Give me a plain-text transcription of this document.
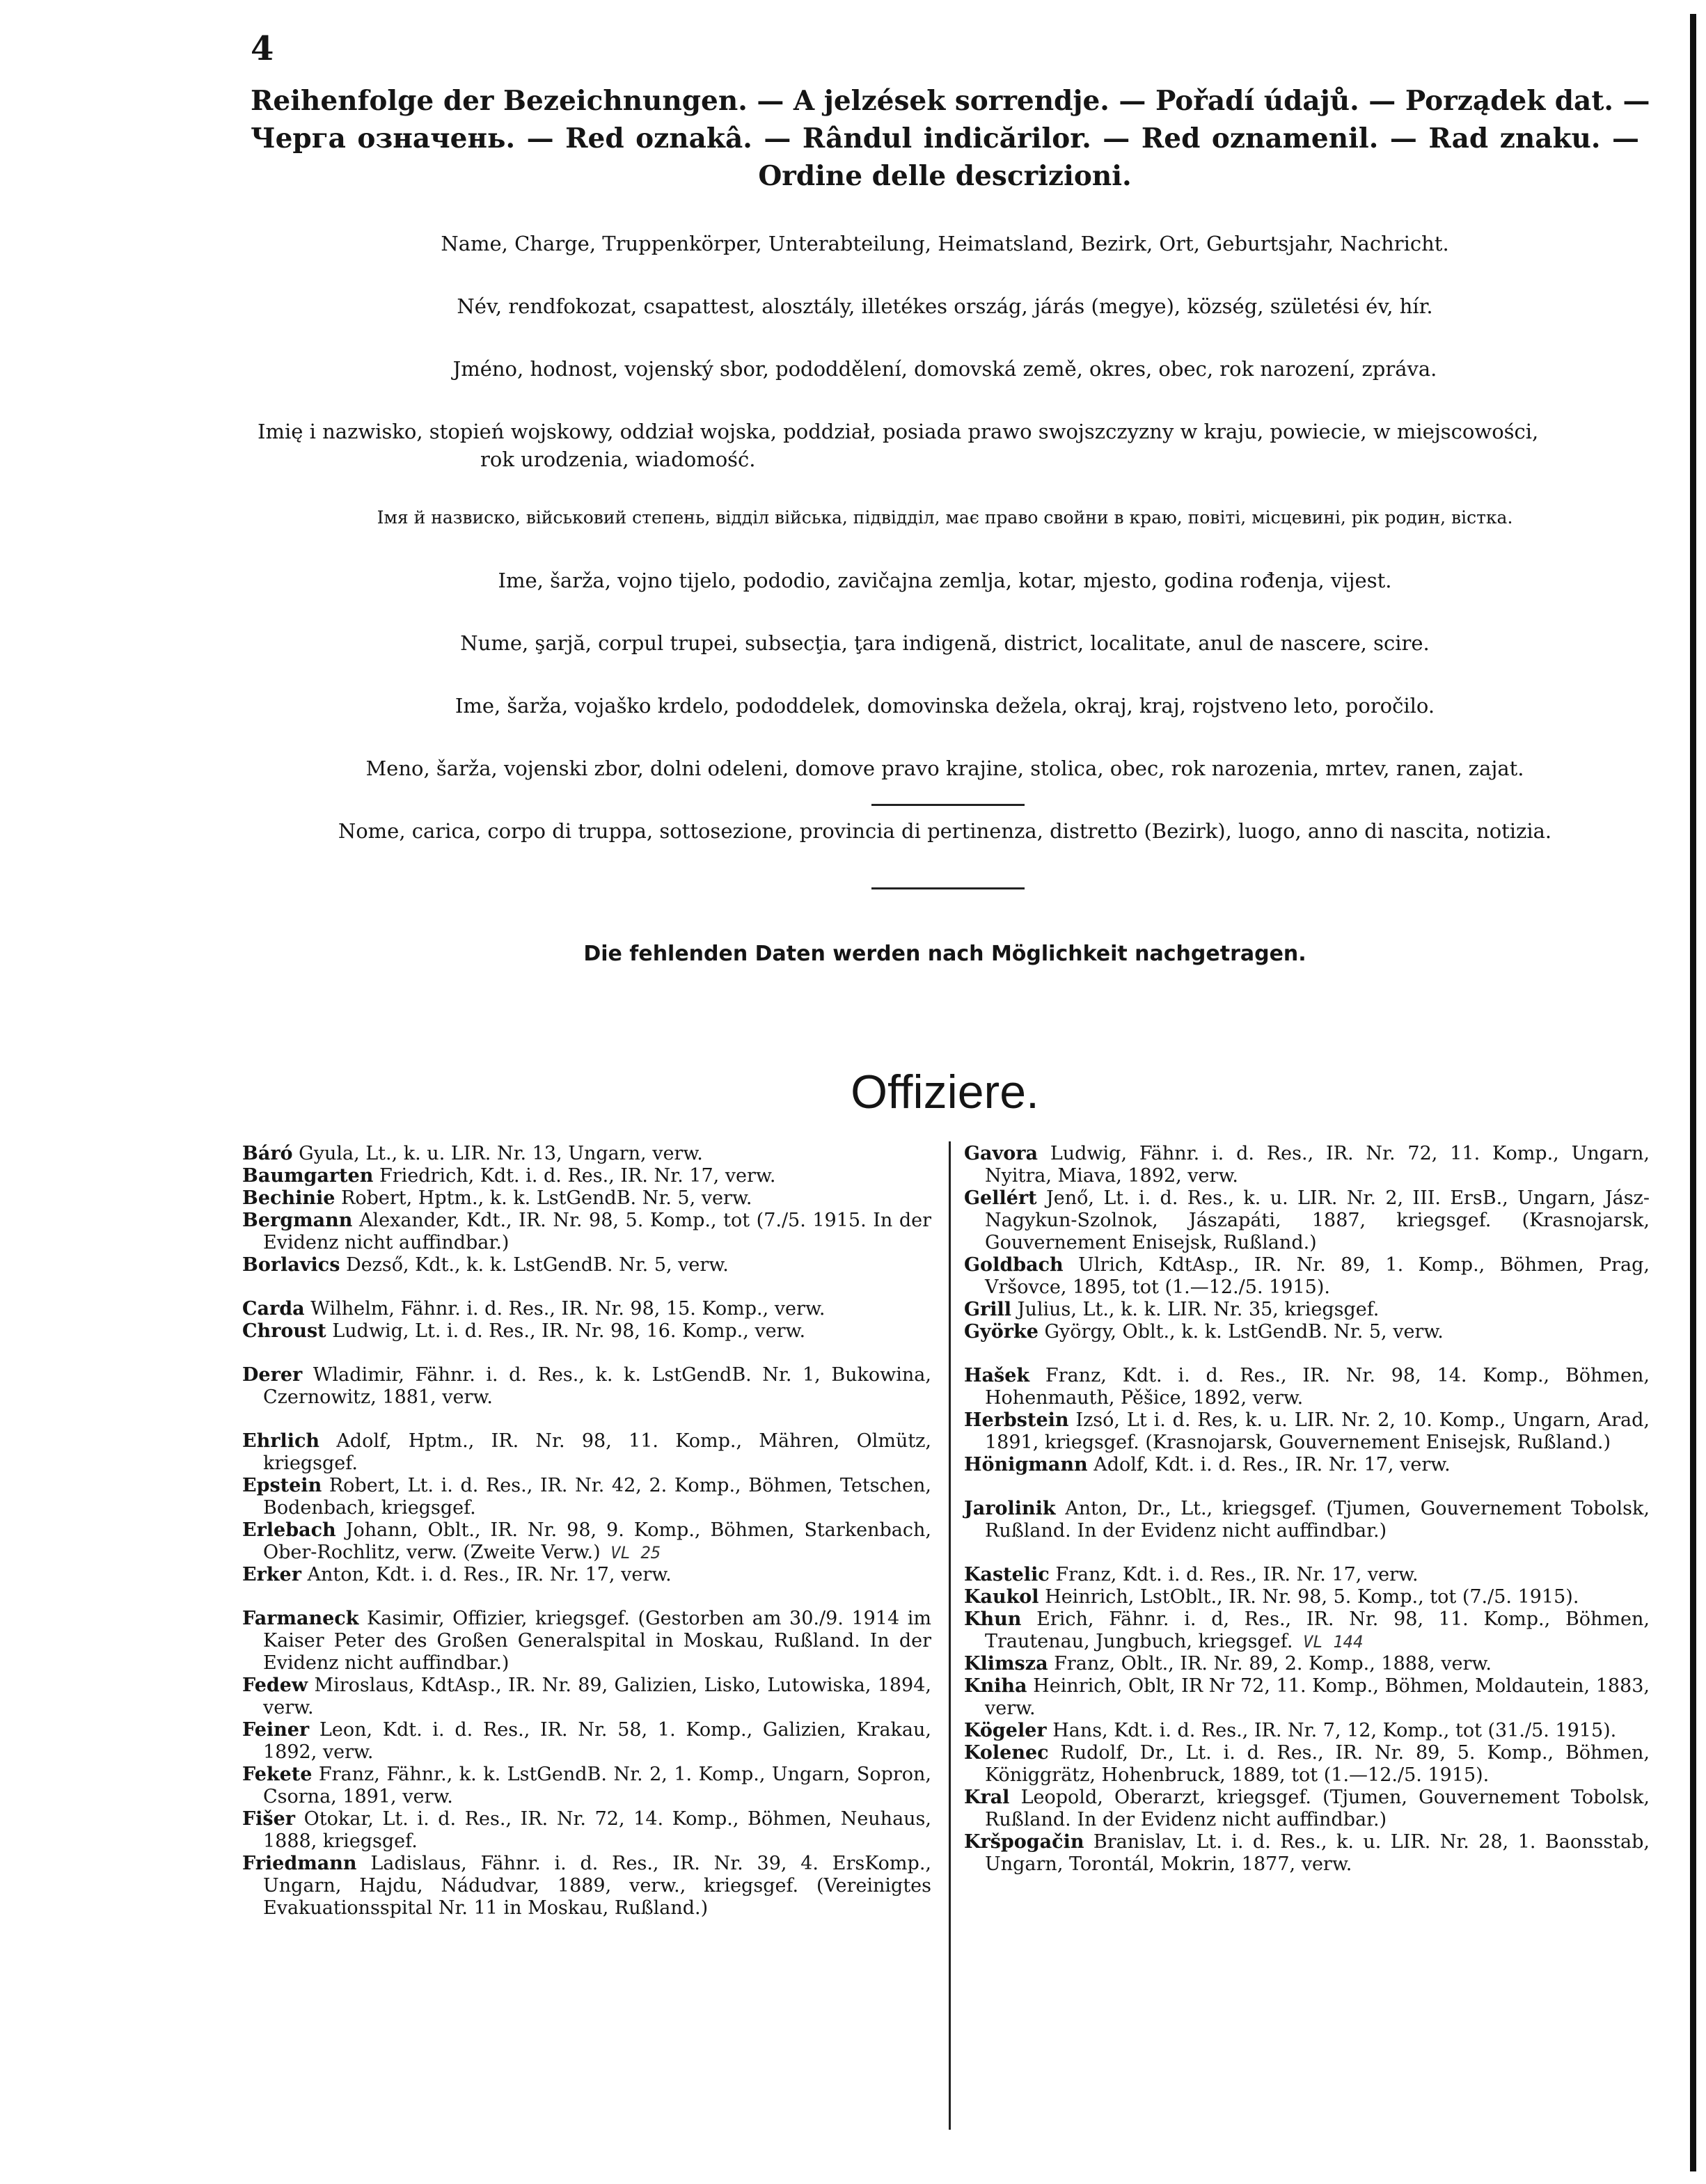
4
Reihenfolge der Bezeichnungen. — A jelzések sorrendje. — Pořadí údajů. — Porządek dat. —
Черга означень. — Red oznakâ. — Rândul indicărilor. — Red oznamenil. — Rad znaku. —
Ordine delle descrizioni.

Name, Charge, Truppenkörper, Unterabteilung, Heimatsland, Bezirk, Ort, Geburtsjahr, Nachricht.

Név, rendfokozat, csapattest, alosztály, illetékes ország, járás (megye), község, születési év, hír.

Jméno, hodnost, vojenský sbor, pododdělení, domovská země, okres, obec, rok narození, zpráva.

Imię i nazwisko, stopień wojskowy, oddział wojska, poddział, posiada prawo swojszczyzny w kraju, powiecie, w miejscowości,
rok urodzenia, wiadomość.

Імя й назвиско, військовий степень, відділ війська, підвідділ, має право свойни в краю, повіті, місцевині, рік родин, вістка.

Ime, šarža, vojno tijelo, pododio, zavičajna zemlja, kotar, mjesto, godina rođenja, vijest.

Nume, şarjă, corpul trupei, subsecţia, ţara indigenă, district, localitate, anul de nascere, scire.

Ime, šarža, vojaško krdelo, pododdelek, domovinska dežela, okraj, kraj, rojstveno leto, poročilo.

Meno, šarža, vojenski zbor, dolni odeleni, domove pravo krajine, stolica, obec, rok narozenia, mrtev, ranen, zajat.

Nome, carica, corpo di truppa, sottosezione, provincia di pertinenza, distretto (Bezirk), luogo, anno di nascita, notizia.

Die fehlenden Daten werden nach Möglichkeit nachgetragen.
Offiziere.

Báró Gyula, Lt., k. u. LIR. Nr. 13, Ungarn, verw.

Baumgarten Friedrich, Kdt. i. d. Res., IR. Nr. 17, verw.

Bechinie Robert, Hptm., k. k. LstGendB. Nr. 5, verw.

Bergmann Alexander, Kdt., IR. Nr. 98, 5. Komp., tot (7./5. 1915. In der Evidenz nicht auffindbar.)

Borlavics Dezső, Kdt., k. k. LstGendB. Nr. 5, verw.

Carda Wilhelm, Fähnr. i. d. Res., IR. Nr. 98, 15. Komp., verw.

Chroust Ludwig, Lt. i. d. Res., IR. Nr. 98, 16. Komp., verw.

Derer Wladimir, Fähnr. i. d. Res., k. k. LstGendB. Nr. 1, Bukowina, Czernowitz, 1881, verw.

Ehrlich Adolf, Hptm., IR. Nr. 98, 11. Komp., Mähren, Olmütz, kriegsgef.

Epstein Robert, Lt. i. d. Res., IR. Nr. 42, 2. Komp., Böhmen, Tetschen, Bodenbach, kriegsgef.

Erlebach Johann, Oblt., IR. Nr. 98, 9. Komp., Böhmen, Starkenbach, Ober-Rochlitz, verw. (Zweite Verw.) VL 25

Erker Anton, Kdt. i. d. Res., IR. Nr. 17, verw.

Farmaneck Kasimir, Offizier, kriegsgef. (Gestorben am 30./9. 1914 im Kaiser Peter des Großen Generalspital in Moskau, Rußland. In der Evidenz nicht auffindbar.)

Fedew Miroslaus, KdtAsp., IR. Nr. 89, Galizien, Lisko, Lutowiska, 1894, verw.

Feiner Leon, Kdt. i. d. Res., IR. Nr. 58, 1. Komp., Galizien, Krakau, 1892, verw.

Fekete Franz, Fähnr., k. k. LstGendB. Nr. 2, 1. Komp., Ungarn, Sopron, Csorna, 1891, verw.

Fišer Otokar, Lt. i. d. Res., IR. Nr. 72, 14. Komp., Böhmen, Neuhaus, 1888, kriegsgef.

Friedmann Ladislaus, Fähnr. i. d. Res., IR. Nr. 39, 4. ErsKomp., Ungarn, Hajdu, Nádudvar, 1889, verw., kriegsgef. (Vereinigtes Evakuationsspital Nr. 11 in Moskau, Rußland.)

Gavora Ludwig, Fähnr. i. d. Res., IR. Nr. 72, 11. Komp., Ungarn, Nyitra, Miava, 1892, verw.

Gellért Jenő, Lt. i. d. Res., k. u. LIR. Nr. 2, III. ErsB., Ungarn, Jász-Nagykun-Szolnok, Jászapáti, 1887, kriegsgef. (Krasnojarsk, Gouvernement Enisejsk, Rußland.)

Goldbach Ulrich, KdtAsp., IR. Nr. 89, 1. Komp., Böhmen, Prag, Vršovce, 1895, tot (1.—12./5. 1915).

Grill Julius, Lt., k. k. LIR. Nr. 35, kriegsgef.

Györke György, Oblt., k. k. LstGendB. Nr. 5, verw.

Hašek Franz, Kdt. i. d. Res., IR. Nr. 98, 14. Komp., Böhmen, Hohenmauth, Pěšice, 1892, verw.

Herbstein Izsó, Lt i. d. Res, k. u. LIR. Nr. 2, 10. Komp., Ungarn, Arad, 1891, kriegsgef. (Krasnojarsk, Gouvernement Enisejsk, Rußland.)

Hönigmann Adolf, Kdt. i. d. Res., IR. Nr. 17, verw.

Jarolinik Anton, Dr., Lt., kriegsgef. (Tjumen, Gouvernement Tobolsk, Rußland. In der Evidenz nicht auffindbar.)

Kastelic Franz, Kdt. i. d. Res., IR. Nr. 17, verw.

Kaukol Heinrich, LstOblt., IR. Nr. 98, 5. Komp., tot (7./5. 1915).

Khun Erich, Fähnr. i. d, Res., IR. Nr. 98, 11. Komp., Böhmen, Trautenau, Jungbuch, kriegsgef. VL 144

Klimsza Franz, Oblt., IR. Nr. 89, 2. Komp., 1888, verw.

Kniha Heinrich, Oblt, IR Nr 72, 11. Komp., Böhmen, Moldautein, 1883, verw.

Kögeler Hans, Kdt. i. d. Res., IR. Nr. 7, 12, Komp., tot (31./5. 1915).

Kolenec Rudolf, Dr., Lt. i. d. Res., IR. Nr. 89, 5. Komp., Böhmen, Königgrätz, Hohenbruck, 1889, tot (1.—12./5. 1915).

Kral Leopold, Oberarzt, kriegsgef. (Tjumen, Gouvernement Tobolsk, Rußland. In der Evidenz nicht auffindbar.)

Kršpogačin Branislav, Lt. i. d. Res., k. u. LIR. Nr. 28, 1. Baonsstab, Ungarn, Torontál, Mokrin, 1877, verw.
